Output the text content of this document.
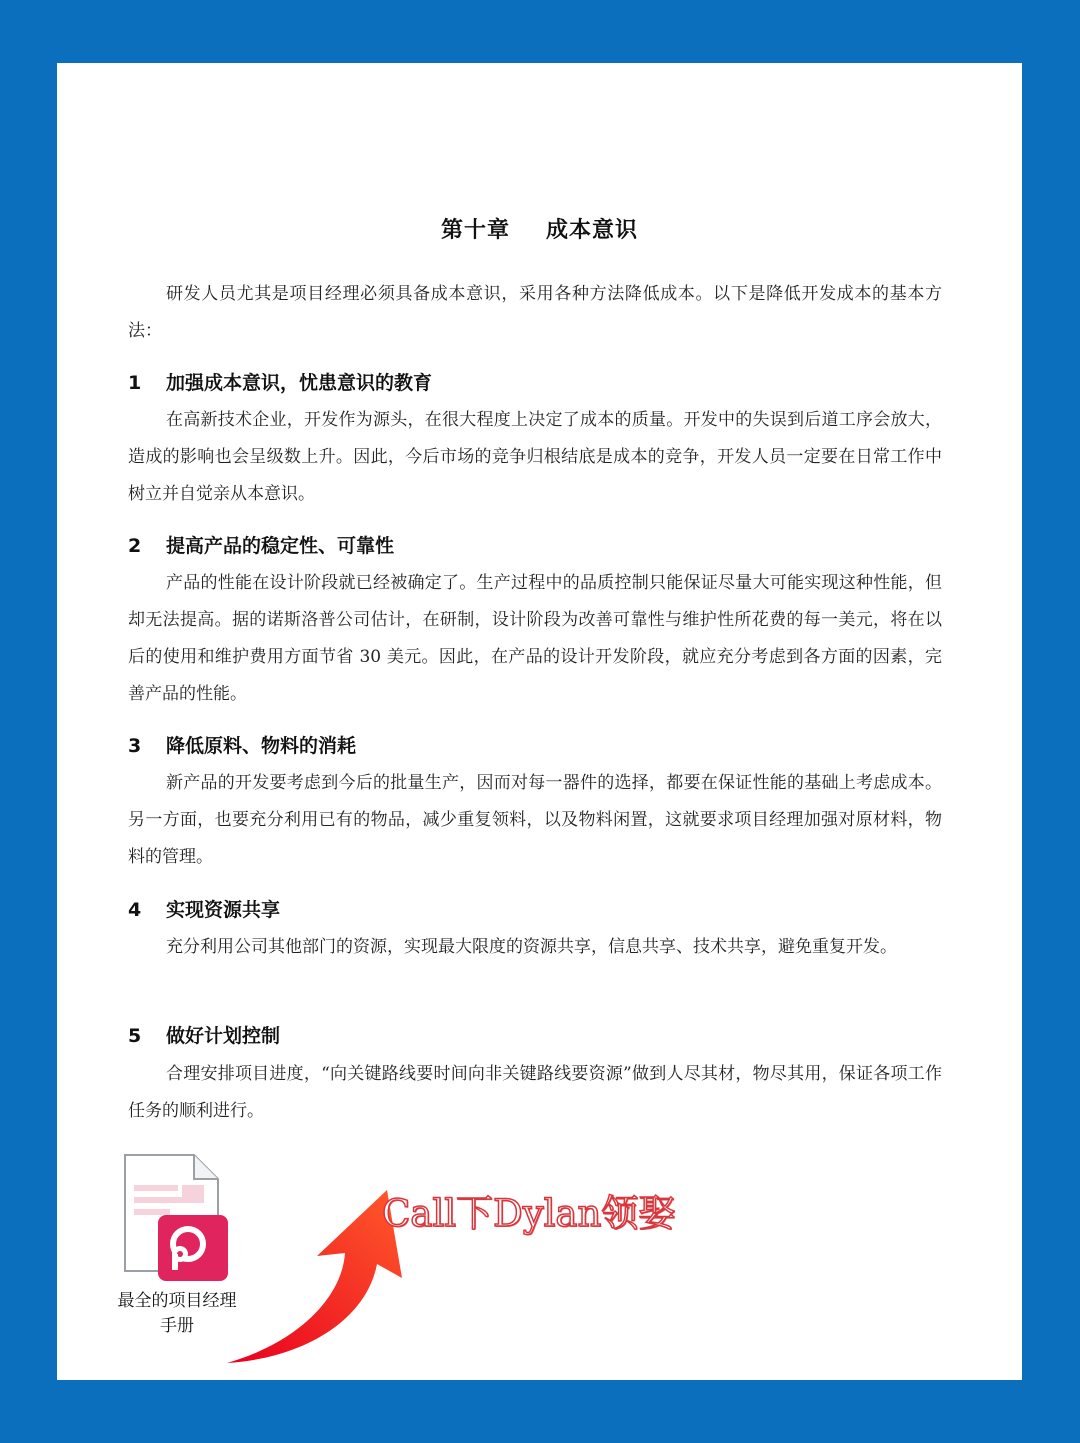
第十章 成本意识

研发人员尤其是项目经理必须具备成本意识，采用各种方法降低成本。以下是降低开发成本的基本方法：

1 加强成本意识，忧患意识的教育

在高新技术企业，开发作为源头，在很大程度上决定了成本的质量。开发中的失误到后道工序会放大，造成的影响也会呈级数上升。因此，今后市场的竞争归根结底是成本的竞争，开发人员一定要在日常工作中树立并自觉亲从本意识。

2 提高产品的稳定性、可靠性

产品的性能在设计阶段就已经被确定了。生产过程中的品质控制只能保证尽量大可能实现这种性能，但却无法提高。据的诺斯洛普公司估计，在研制，设计阶段为改善可靠性与维护性所花费的每一美元，将在以后的使用和维护费用方面节省 30 美元。因此，在产品的设计开发阶段，就应充分考虑到各方面的因素，完善产品的性能。

3 降低原料、物料的消耗

新产品的开发要考虑到今后的批量生产，因而对每一器件的选择，都要在保证性能的基础上考虑成本。另一方面，也要充分利用已有的物品，减少重复领料，以及物料闲置，这就要求项目经理加强对原材料，物料的管理。

4 实现资源共享

充分利用公司其他部门的资源，实现最大限度的资源共享，信息共享、技术共享，避免重复开发。

5 做好计划控制

合理安排项目进度，“向关键路线要时间向非关键路线要资源”做到人尽其材，物尽其用，保证各项工作任务的顺利进行。

最全的项目经理
手册
Call下Dylan领娶
